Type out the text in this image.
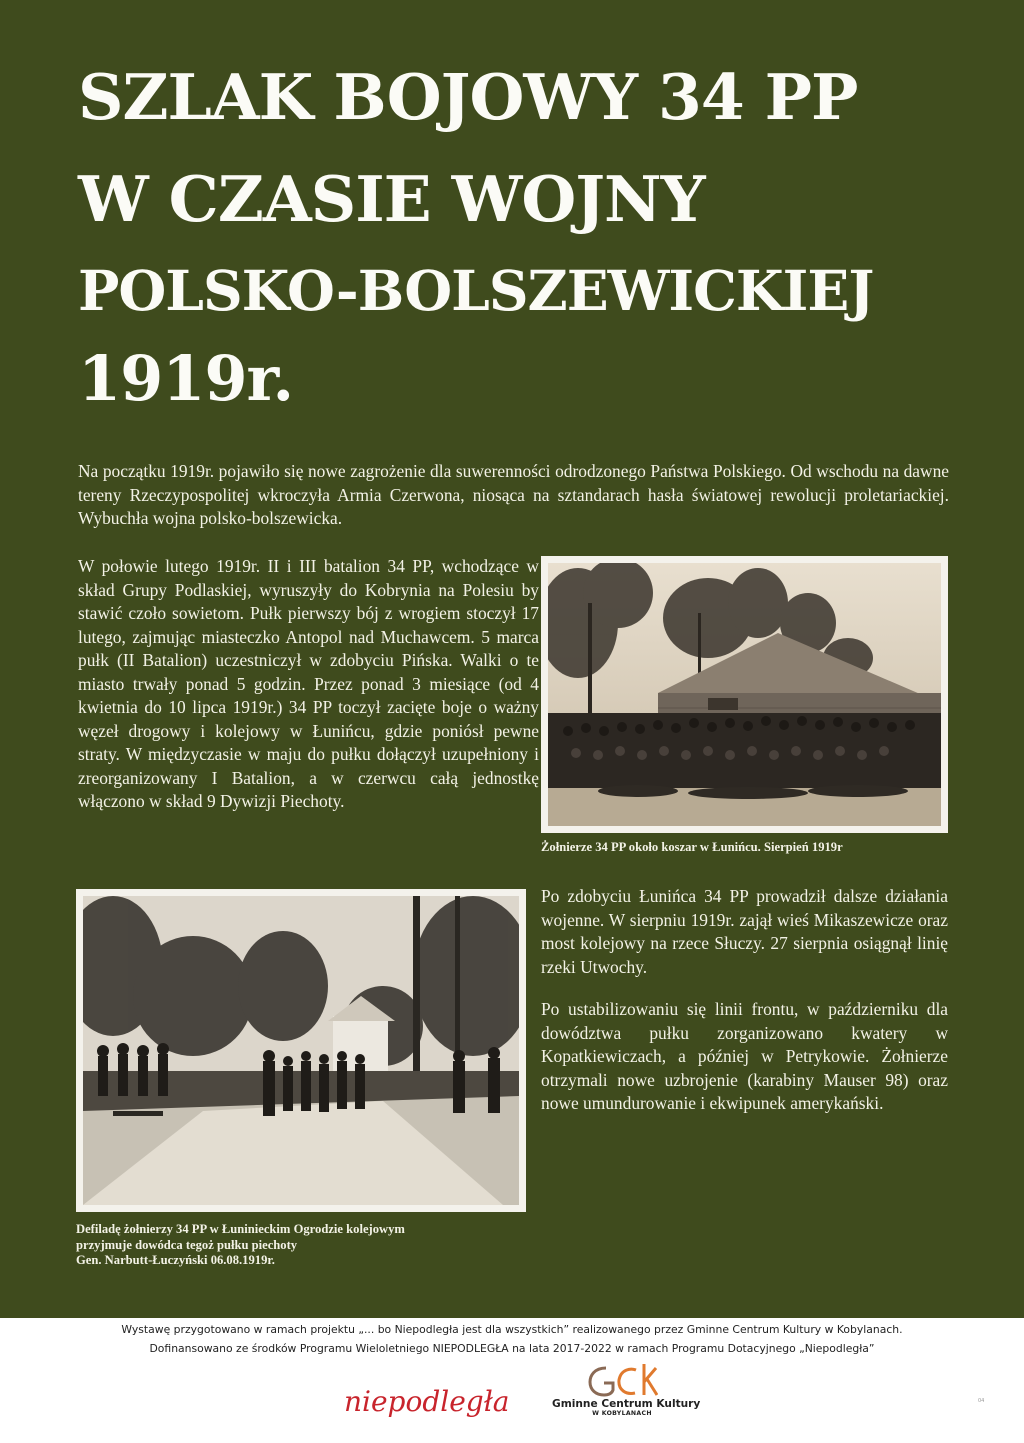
SZLAK BOJOWY 34 PP
W CZASIE WOJNY
POLSKO-BOLSZEWICKIEJ
1919r.

Na początku 1919r. pojawiło się nowe zagrożenie dla suwerenności odrodzonego Państwa Polskiego. Od wschodu na dawne tereny Rzeczypospolitej wkroczyła Armia Czerwona, niosąca na sztandarach hasła światowej rewolucji proletariackiej. Wybuchła wojna polsko-bolszewicka.

W połowie lutego 1919r. II i III batalion 34 PP, wchodzące w skład Grupy Podlaskiej, wyruszyły do Kobrynia na Polesiu by stawić czoło sowietom. Pułk pierwszy bój z wrogiem stoczył 17 lutego, zajmując miasteczko Antopol nad Muchawcem. 5 marca pułk (II Batalion) uczestniczył w zdobyciu Pińska. Walki o te miasto trwały ponad 5 godzin. Przez ponad 3 miesiące (od 4 kwietnia do 10 lipca 1919r.) 34 PP toczył zacięte boje o ważny węzeł drogowy i kolejowy w Łunińcu, gdzie poniósł pewne straty. W międzyczasie w maju do pułku dołączył uzupełniony i zreorganizowany I Batalion, a w czerwcu całą jednostkę włączono w skład 9 Dywizji Piechoty.

Żołnierze 34 PP około koszar w Łunińcu. Sierpień 1919r

Defiladę żołnierzy 34 PP w Łuninieckim Ogrodzie kolejowym
przyjmuje dowódca tegoż pułku piechoty
Gen. Narbutt-Łuczyński 06.08.1919r.

Po zdobyciu Łunińca 34 PP prowadził dalsze działania wojenne. W sierpniu 1919r. zajął wieś Mikaszewicze oraz most kolejowy na rzece Słuczy. 27 sierpnia osiągnął linię rzeki Utwochy.

Po ustabilizowaniu się linii frontu, w październiku dla dowództwa pułku zorganizowano kwatery w Kopatkiewiczach, a później w Petrykowie. Żołnierze otrzymali nowe uzbrojenie (karabiny Mauser 98) oraz nowe umundurowanie i ekwipunek amerykański.

Wystawę przygotowano w ramach projektu „... bo Niepodległa jest dla wszystkich” realizowanego przez Gminne Centrum Kultury w Kobylanach.
Dofinansowano ze środków Programu Wieloletniego NIEPODLEGŁA na lata 2017-2022 w ramach Programu Dotacyjnego „Niepodległa”
niepodległa	Gminne Centrum Kultury
W KOBYLANACH
04
